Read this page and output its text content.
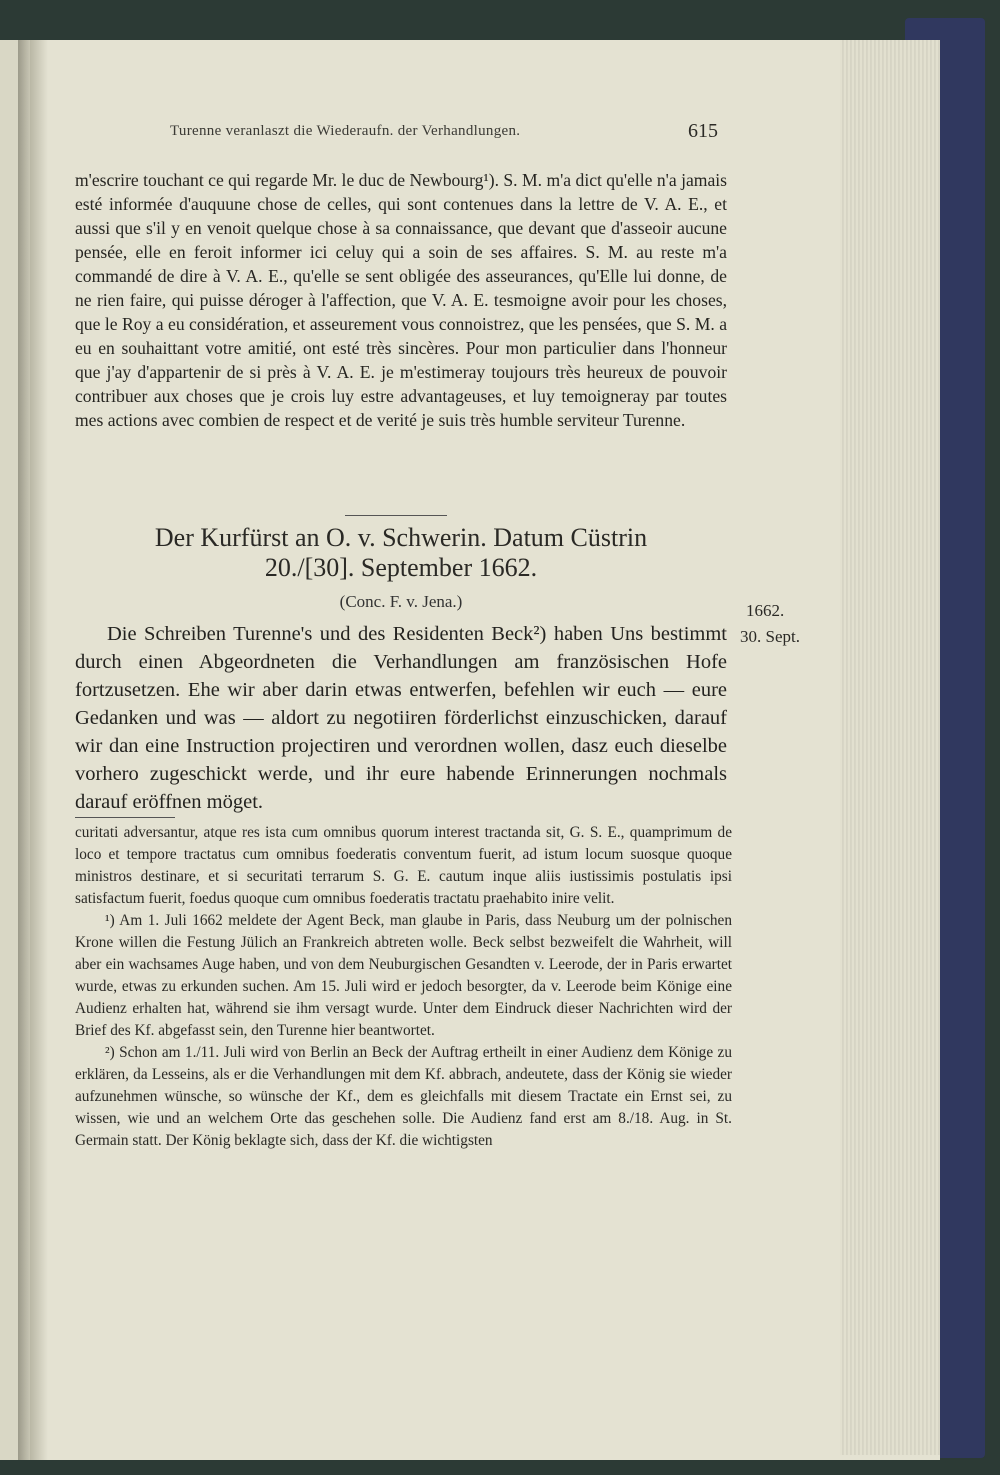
Turenne veranlaszt die Wiederaufn. der Verhandlungen.	615

m'escrire touchant ce qui regarde Mr. le duc de Newbourg¹). S. M. m'a dict qu'elle n'a jamais esté informée d'auquune chose de celles, qui sont contenues dans la lettre de V. A. E., et aussi que s'il y en venoit quelque chose à sa connaissance, que devant que d'asseoir aucune pensée, elle en feroit informer ici celuy qui a soin de ses affaires. S. M. au reste m'a commandé de dire à V. A. E., qu'elle se sent obligée des asseurances, qu'Elle lui donne, de ne rien faire, qui puisse déroger à l'affection, que V. A. E. tesmoigne avoir pour les choses, que le Roy a eu considération, et asseurement vous connoistrez, que les pensées, que S. M. a eu en souhaittant votre amitié, ont esté très sincères. Pour mon particulier dans l'honneur que j'ay d'appartenir de si près à V. A. E. je m'estimeray toujours très heureux de pouvoir contribuer aux choses que je crois luy estre advantageuses, et luy temoigneray par toutes mes actions avec combien de respect et de verité je suis très humble serviteur Turenne.

Der Kurfürst an O. v. Schwerin. Datum Cüstrin
20./[30]. September 1662.
(Conc. F. v. Jena.)	1662.
30. Sept.

Die Schreiben Turenne's und des Residenten Beck²) haben Uns bestimmt durch einen Abgeordneten die Verhandlungen am französischen Hofe fortzusetzen. Ehe wir aber darin etwas entwerfen, befehlen wir euch — eure Gedanken und was — aldort zu negotiiren förderlichst einzuschicken, darauf wir dan eine Instruction projectiren und verordnen wollen, dasz euch dieselbe vorhero zugeschickt werde, und ihr eure habende Erinnerungen nochmals darauf eröffnen möget.

curitati adversantur, atque res ista cum omnibus quorum interest tractanda sit, G. S. E., quamprimum de loco et tempore tractatus cum omnibus foederatis conventum fuerit, ad istum locum suosque quoque ministros destinare, et si securitati terrarum S. G. E. cautum inque aliis iustissimis postulatis ipsi satisfactum fuerit, foedus quoque cum omnibus foederatis tractatu praehabito inire velit.

¹) Am 1. Juli 1662 meldete der Agent Beck, man glaube in Paris, dass Neuburg um der polnischen Krone willen die Festung Jülich an Frankreich abtreten wolle. Beck selbst bezweifelt die Wahrheit, will aber ein wachsames Auge haben, und von dem Neuburgischen Gesandten v. Leerode, der in Paris erwartet wurde, etwas zu erkunden suchen. Am 15. Juli wird er jedoch besorgter, da v. Leerode beim Könige eine Audienz erhalten hat, während sie ihm versagt wurde. Unter dem Eindruck dieser Nachrichten wird der Brief des Kf. abgefasst sein, den Turenne hier beantwortet.

²) Schon am 1./11. Juli wird von Berlin an Beck der Auftrag ertheilt in einer Audienz dem Könige zu erklären, da Lesseins, als er die Verhandlungen mit dem Kf. abbrach, andeutete, dass der König sie wieder aufzunehmen wünsche, so wünsche der Kf., dem es gleichfalls mit diesem Tractate ein Ernst sei, zu wissen, wie und an welchem Orte das geschehen solle. Die Audienz fand erst am 8./18. Aug. in St. Germain statt. Der König beklagte sich, dass der Kf. die wichtigsten
